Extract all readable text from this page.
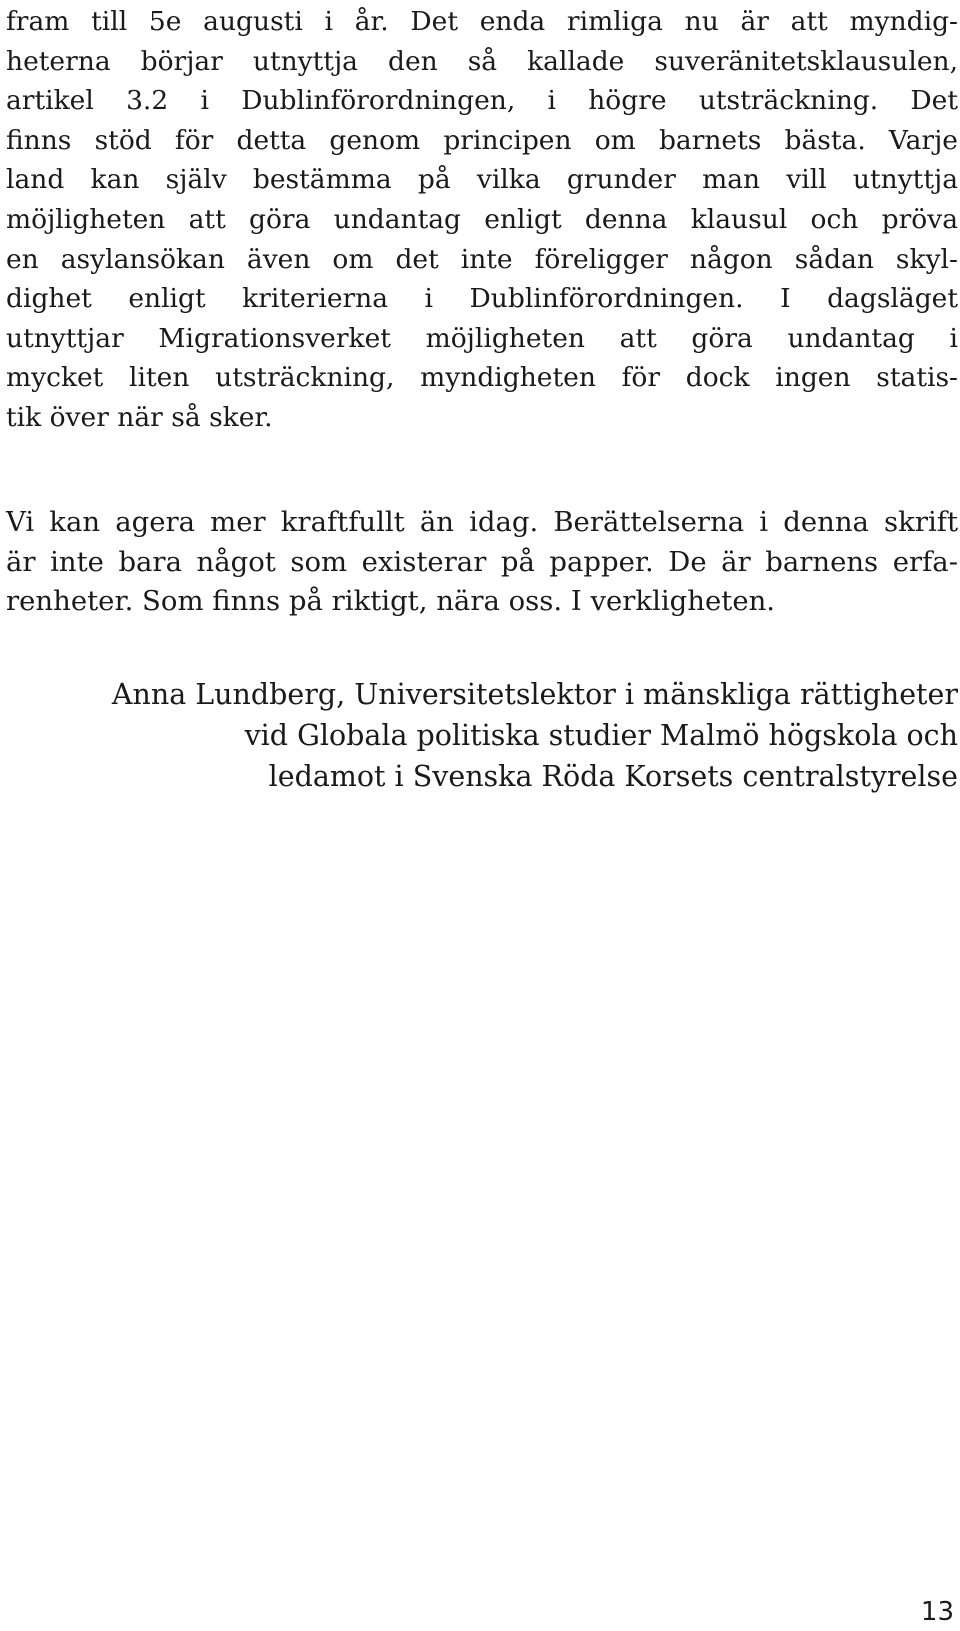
fram till 5e augusti i år. Det enda rimliga nu är att myndig-
heterna börjar utnyttja den så kallade suveränitetsklausulen,
artikel 3.2 i Dublinförordningen, i högre utsträckning. Det
finns stöd för detta genom principen om barnets bästa. Varje
land kan själv bestämma på vilka grunder man vill utnyttja
möjligheten att göra undantag enligt denna klausul och pröva
en asylansökan även om det inte föreligger någon sådan skyl-
dighet enligt kriterierna i Dublinförordningen. I dagsläget
utnyttjar Migrationsverket möjligheten att göra undantag i
mycket liten utsträckning, myndigheten för dock ingen statis-
tik över när så sker.
Vi kan agera mer kraftfullt än idag. Berättelserna i denna skrift
är inte bara något som existerar på papper. De är barnens erfa-
renheter. Som finns på riktigt, nära oss. I verkligheten.
Anna Lundberg, Universitetslektor i mänskliga rättigheter
vid Globala politiska studier Malmö högskola och
ledamot i Svenska Röda Korsets centralstyrelse
13
